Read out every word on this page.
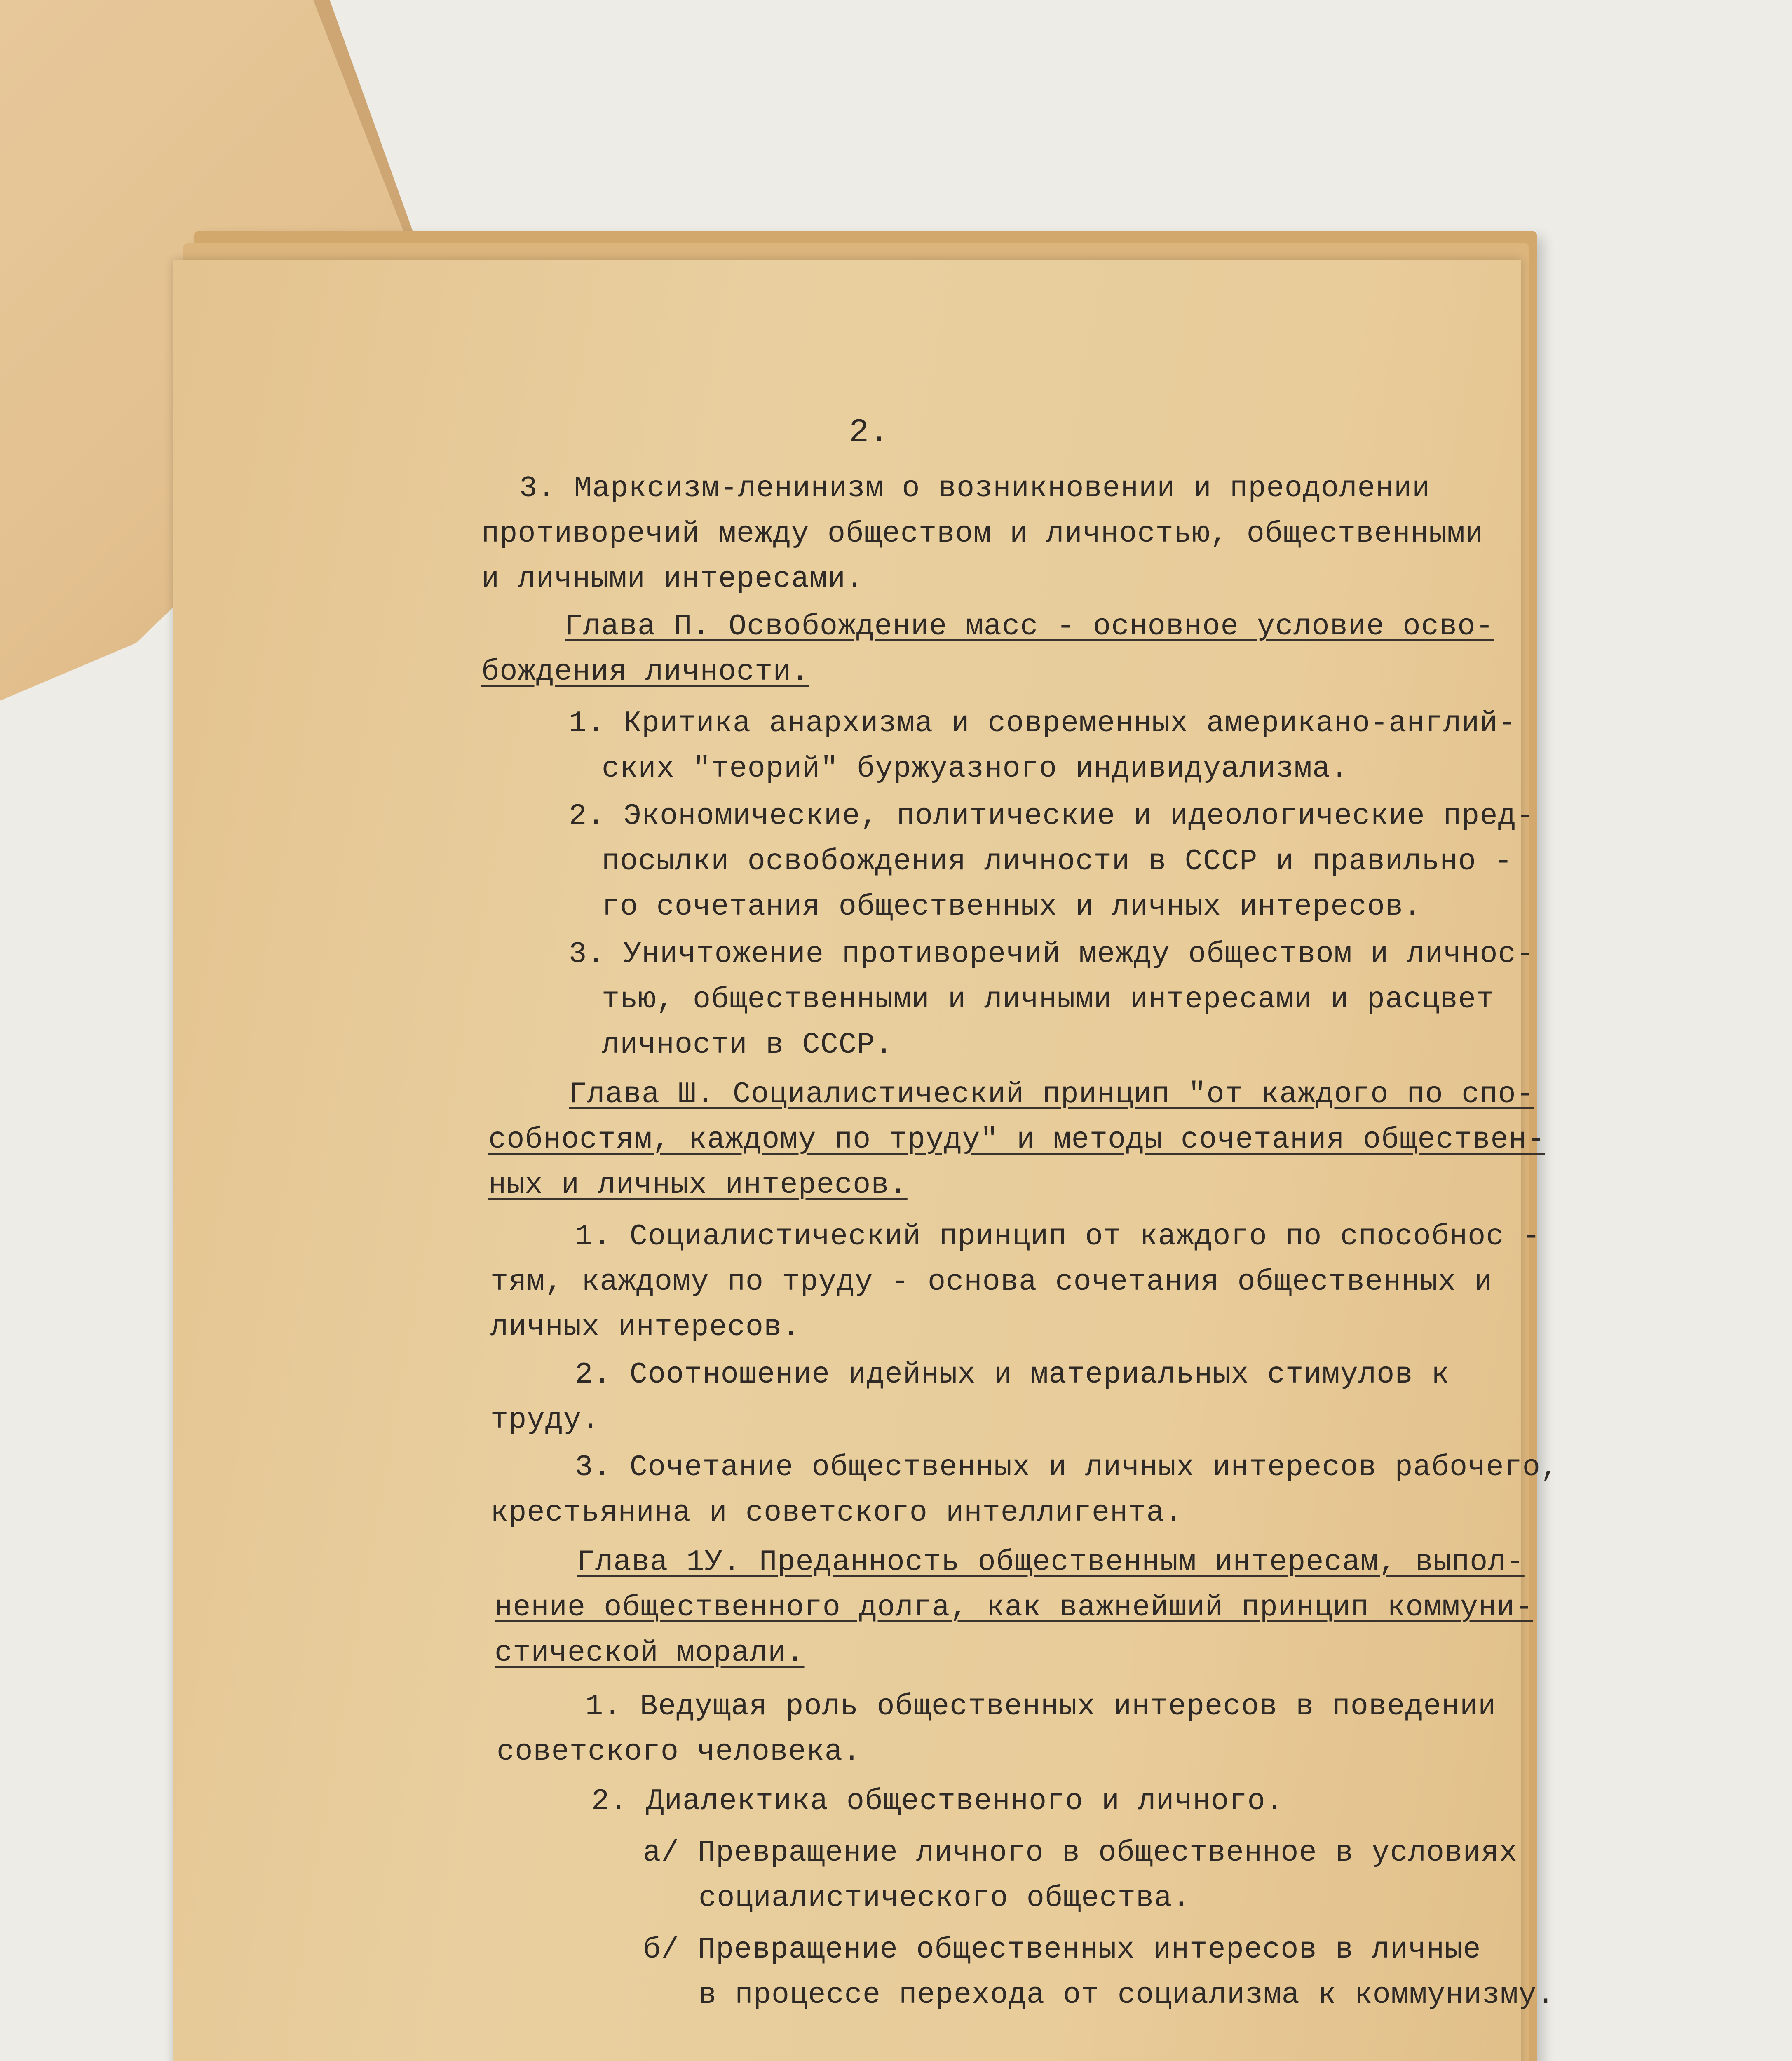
2.
3. Марксизм-ленинизм о возникновении и преодолении
противоречий между обществом и личностью, общественными
и личными интересами.
Глава П. Освобождение масс - основное условие осво-
бождения личности.
1. Критика анархизма и современных американо-англий-
ских "теорий" буржуазного индивидуализма.
2. Экономические, политические и идеологические пред-
посылки освобождения личности в СССР и правильно -
го сочетания общественных и личных интересов.
3. Уничтожение противоречий между обществом и личнос-
тью, общественными и личными интересами и расцвет
личности в СССР.
Глава Ш. Социалистический принцип "от каждого по спо-
собностям, каждому по труду" и методы сочетания обществен-
ных и личных интересов.
1. Социалистический принцип от каждого по способнос -
тям, каждому по труду - основа сочетания общественных и
личных интересов.
2. Соотношение идейных и материальных стимулов к
труду.
3. Сочетание общественных и личных интересов рабочего,
крестьянина и советского интеллигента.
Глава 1У. Преданность общественным интересам, выпол-
нение общественного долга, как важнейший принцип коммуни-
стической морали.
1. Ведущая роль общественных интересов в поведении
советского человека.
2. Диалектика общественного и личного.
а/ Превращение личного в общественное в условиях
социалистического общества.
б/ Превращение общественных интересов в личные
в процессе перехода от социализма к коммунизму.
